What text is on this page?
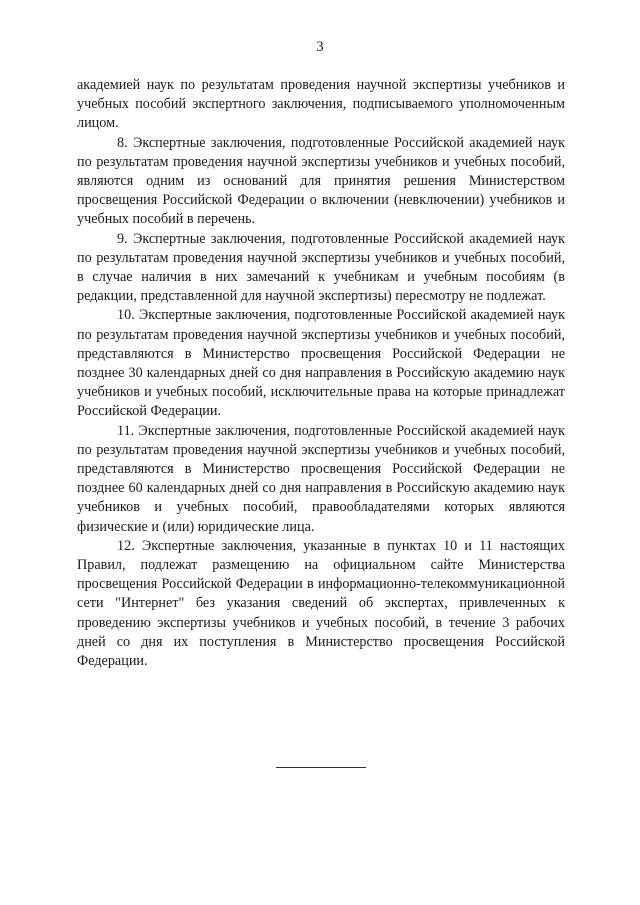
3

академией наук по результатам проведения научной экспертизы учебников и учебных пособий экспертного заключения, подписываемого уполномоченным лицом.

8. Экспертные заключения, подготовленные Российской академией наук по результатам проведения научной экспертизы учебников и учебных пособий, являются одним из оснований для принятия решения Министерством просвещения Российской Федерации о включении (невключении) учебников и учебных пособий в перечень.

9. Экспертные заключения, подготовленные Российской академией наук по результатам проведения научной экспертизы учебников и учебных пособий, в случае наличия в них замечаний к учебникам и учебным пособиям (в редакции, представленной для научной экспертизы) пересмотру не подлежат.

10. Экспертные заключения, подготовленные Российской академией наук по результатам проведения научной экспертизы учебников и учебных пособий, представляются в Министерство просвещения Российской Федерации не позднее 30 календарных дней со дня направления в Российскую академию наук учебников и учебных пособий, исключительные права на которые принадлежат Российской Федерации.

11. Экспертные заключения, подготовленные Российской академией наук по результатам проведения научной экспертизы учебников и учебных пособий, представляются в Министерство просвещения Российской Федерации не позднее 60 календарных дней со дня направления в Российскую академию наук учебников и учебных пособий, правообладателями которых являются физические и (или) юридические лица.

12. Экспертные заключения, указанные в пунктах 10 и 11 настоящих Правил, подлежат размещению на официальном сайте Министерства просвещения Российской Федерации в информационно-телекоммуникационной сети "Интернет" без указания сведений об экспертах, привлеченных к проведению экспертизы учебников и учебных пособий, в течение 3 рабочих дней со дня их поступления в Министерство просвещения Российской Федерации.
